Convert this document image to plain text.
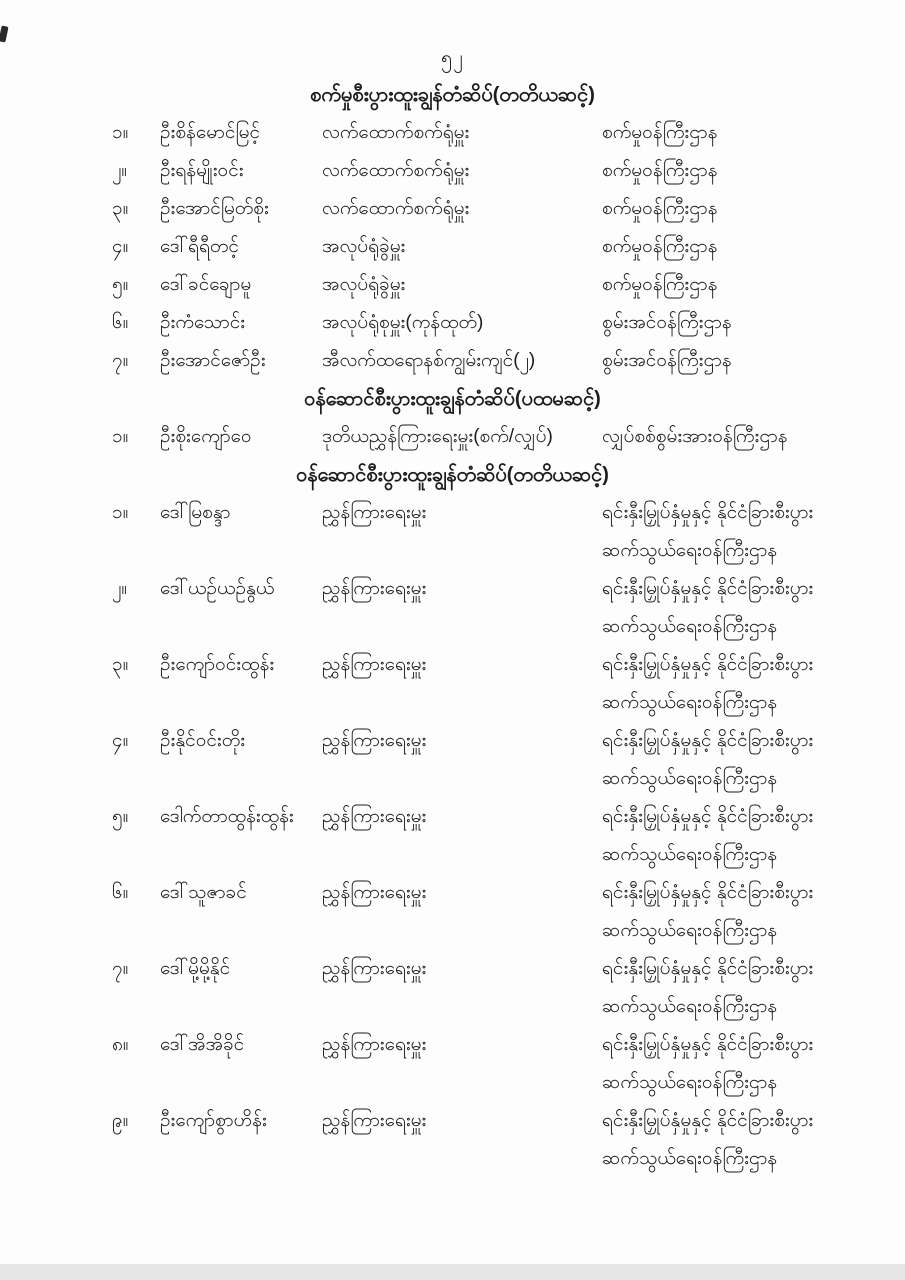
၅၂
စက်မှုစီးပွားထူးချွန်တံဆိပ်(တတိယဆင့်)
၁။	ဦးစိန်မောင်မြင့်	လက်ထောက်စက်ရုံမှူး	စက်မှုဝန်ကြီးဌာန
၂။	ဦးရန်မျိုးဝင်း	လက်ထောက်စက်ရုံမှူး	စက်မှုဝန်ကြီးဌာန
၃။	ဦးအောင်မြတ်စိုး	လက်ထောက်စက်ရုံမှူး	စက်မှုဝန်ကြီးဌာန
၄။	ဒေါ်ရီရီတင့်	အလုပ်ရုံခွဲမှူး	စက်မှုဝန်ကြီးဌာန
၅။	ဒေါ်ခင်ချောမူ	အလုပ်ရုံခွဲမှူး	စက်မှုဝန်ကြီးဌာန
၆။	ဦးကံသောင်း	အလုပ်ရုံစုမှူး(ကုန်ထုတ်)	စွမ်းအင်ဝန်ကြီးဌာန
၇။	ဦးအောင်ဇော်ဦး	အီလက်ထရောနစ်ကျွမ်းကျင်(၂)	စွမ်းအင်ဝန်ကြီးဌာန
ဝန်ဆောင်စီးပွားထူးချွန်တံဆိပ်(ပထမဆင့်)
၁။	ဦးစိုးကျော်ဝေ	ဒုတိယညွှန်ကြားရေးမှူး(စက်/လျှပ်)	လျှပ်စစ်စွမ်းအားဝန်ကြီးဌာန
ဝန်ဆောင်စီးပွားထူးချွန်တံဆိပ်(တတိယဆင့်)
၁။	ဒေါ်မြစန္ဒာ	ညွှန်ကြားရေးမှူး	ရင်းနှီးမြှုပ်နှံမှုနှင့် နိုင်ငံခြားစီးပွား
ဆက်သွယ်ရေးဝန်ကြီးဌာန
၂။	ဒေါ်ယဉ်ယဉ်နွယ်	ညွှန်ကြားရေးမှူး	ရင်းနှီးမြှုပ်နှံမှုနှင့် နိုင်ငံခြားစီးပွား
ဆက်သွယ်ရေးဝန်ကြီးဌာန
၃။	ဦးကျော်ဝင်းထွန်း	ညွှန်ကြားရေးမှူး	ရင်းနှီးမြှုပ်နှံမှုနှင့် နိုင်ငံခြားစီးပွား
ဆက်သွယ်ရေးဝန်ကြီးဌာန
၄။	ဦးနိုင်ဝင်းတိုး	ညွှန်ကြားရေးမှူး	ရင်းနှီးမြှုပ်နှံမှုနှင့် နိုင်ငံခြားစီးပွား
ဆက်သွယ်ရေးဝန်ကြီးဌာန
၅။	ဒေါက်တာထွန်းထွန်း	ညွှန်ကြားရေးမှူး	ရင်းနှီးမြှုပ်နှံမှုနှင့် နိုင်ငံခြားစီးပွား
ဆက်သွယ်ရေးဝန်ကြီးဌာန
၆။	ဒေါ်သူဇာခင်	ညွှန်ကြားရေးမှူး	ရင်းနှီးမြှုပ်နှံမှုနှင့် နိုင်ငံခြားစီးပွား
ဆက်သွယ်ရေးဝန်ကြီးဌာန
၇။	ဒေါ်မို့မို့နိုင်	ညွှန်ကြားရေးမှူး	ရင်းနှီးမြှုပ်နှံမှုနှင့် နိုင်ငံခြားစီးပွား
ဆက်သွယ်ရေးဝန်ကြီးဌာန
၈။	ဒေါ်အိအိခိုင်	ညွှန်ကြားရေးမှူး	ရင်းနှီးမြှုပ်နှံမှုနှင့် နိုင်ငံခြားစီးပွား
ဆက်သွယ်ရေးဝန်ကြီးဌာန
၉။	ဦးကျော်စွာဟိန်း	ညွှန်ကြားရေးမှူး	ရင်းနှီးမြှုပ်နှံမှုနှင့် နိုင်ငံခြားစီးပွား
ဆက်သွယ်ရေးဝန်ကြီးဌာန
